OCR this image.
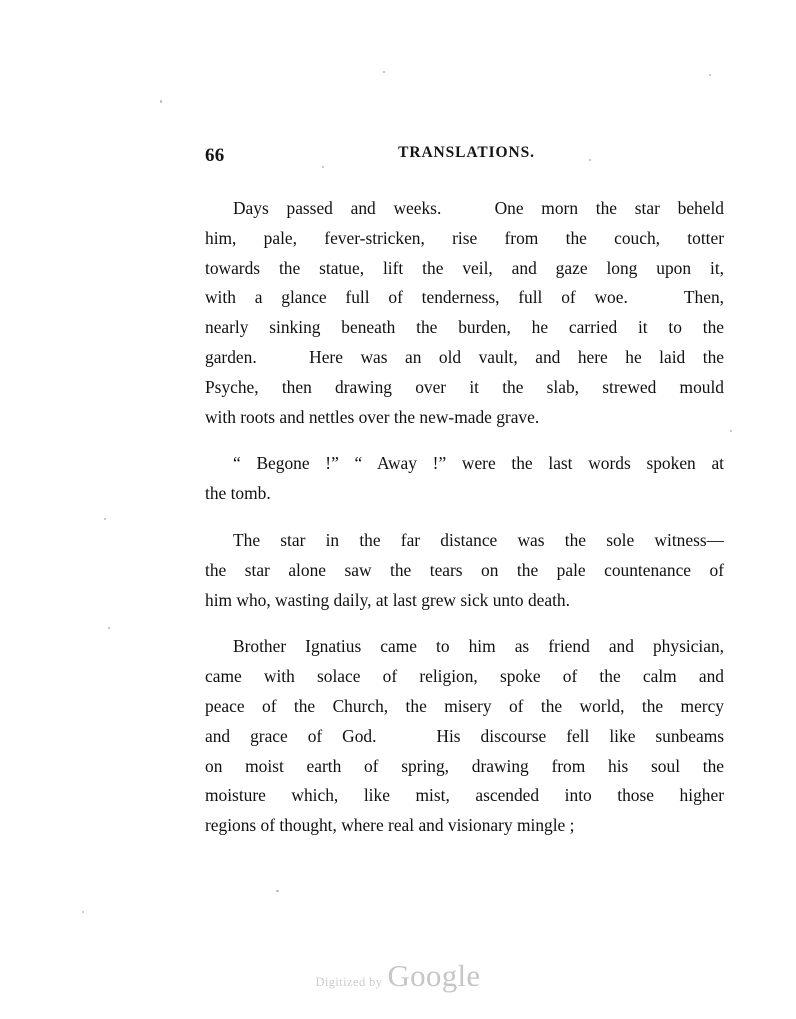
66	TRANSLATIONS.

Days passed and weeks.   One morn the star beheld
him, pale, fever-stricken, rise from the couch, totter
towards the statue, lift the veil, and gaze long upon it,
with a glance full of tenderness, full of woe.   Then,
nearly sinking beneath the burden, he carried it to the
garden.   Here was an old vault, and here he laid the
Psyche, then drawing over it the slab, strewed mould
with roots and nettles over the new-made grave.

“ Begone !” “ Away !” were the last words spoken at
the tomb.

The star in the far distance was the sole witness—
the star alone saw the tears on the pale countenance of
him who, wasting daily, at last grew sick unto death.

Brother Ignatius came to him as friend and physician,
came with solace of religion, spoke of the calm and
peace of the Church, the misery of the world, the mercy
and grace of God.   His discourse fell like sunbeams
on moist earth of spring, drawing from his soul the
moisture which, like mist, ascended into those higher
regions of thought, where real and visionary mingle ;

Digitized by Google
